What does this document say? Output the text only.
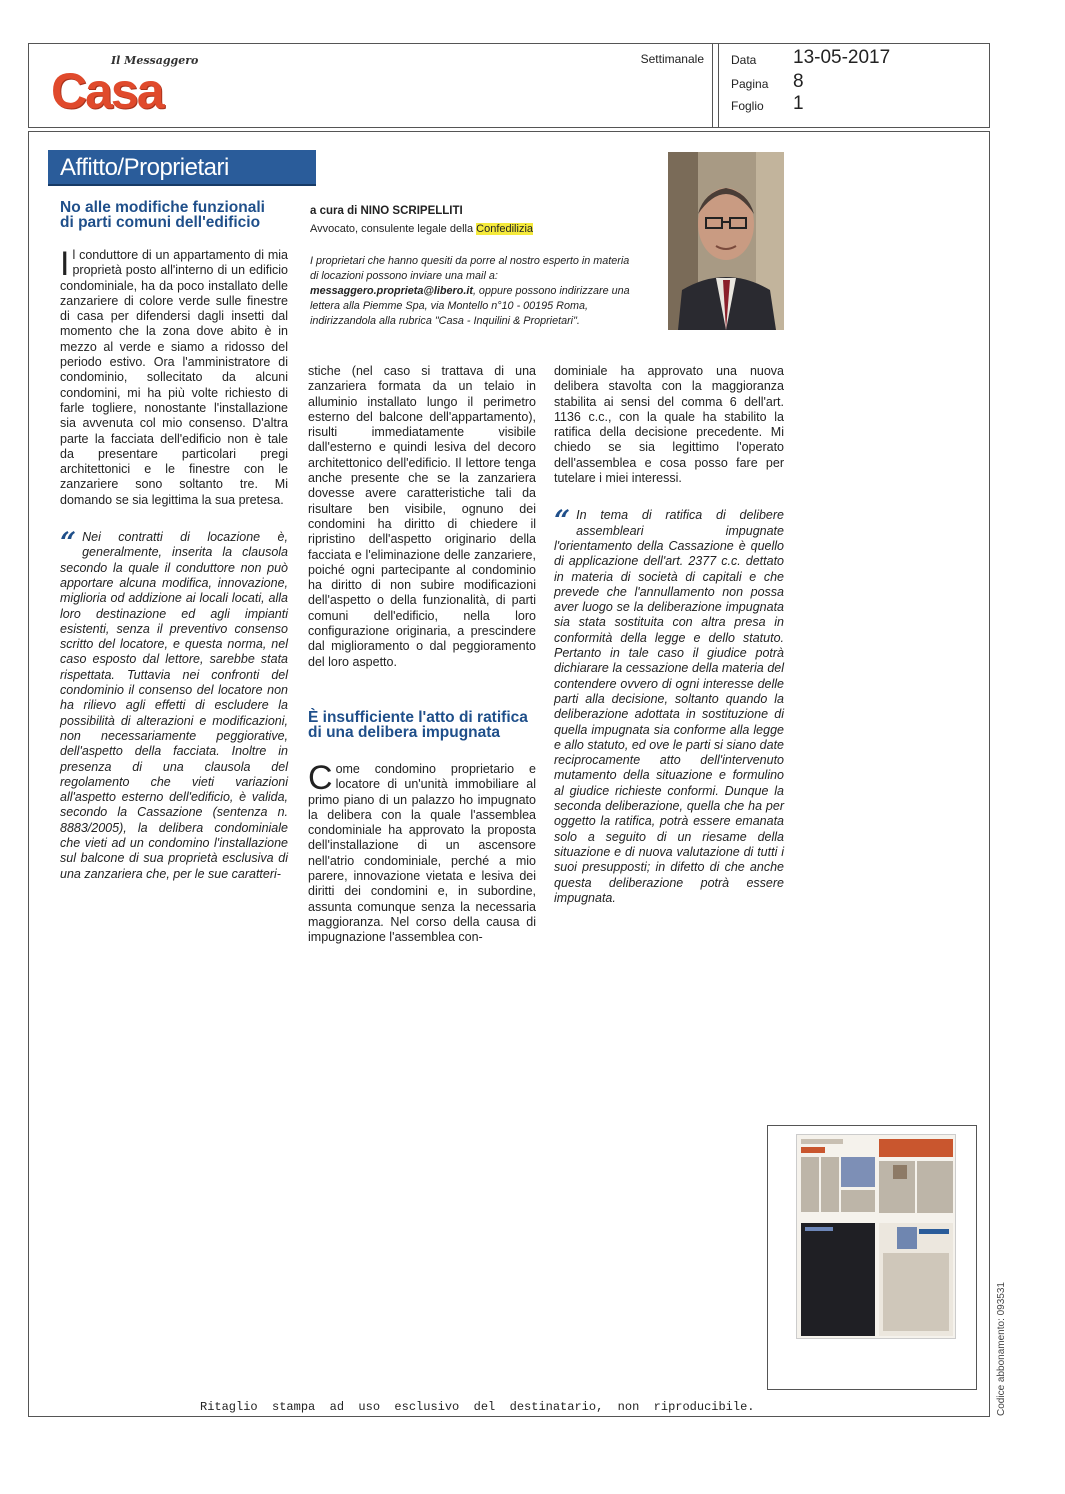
Il Messaggero
Casa
Settimanale Data 13-05-2017
Pagina 8
Foglio 1
Codice abbonamento: 093531
Affitto/Proprietari
No alle modifiche funzionali di parti comuni dell'edificio
a cura di NINO SCRIPELLITI
Avvocato, consulente legale della Confedilizia
I proprietari che hanno quesiti da porre al nostro esperto in materia di locazioni possono inviare una mail a: messaggero.proprieta@libero.it, oppure possono indirizzare una lettera alla Piemme Spa, via Montello n°10 - 00195 Roma, indirizzandola alla rubrica "Casa - Inquilini & Proprietari".

Il conduttore di un appartamento di mia proprietà posto all'interno di un edificio condominiale, ha da poco installato delle zanzariere di colore verde sulle finestre di casa per difendersi dagli insetti dal momento che la zona dove abito è in mezzo al verde e siamo a ridosso del periodo estivo. Ora l'amministratore di condominio, sollecitato da alcuni condomini, mi ha più volte richiesto di farle togliere, nonostante l'installazione sia avvenuta col mio consenso. D'altra parte la facciata dell'edificio non è tale da presentare particolari pregi architettonici e le finestre con le zanzariere sono soltanto tre. Mi domando se sia legittima la sua pretesa.

“ Nei contratti di locazione è, generalmente, inserita la clausola secondo la quale il conduttore non può apportare alcuna modifica, innovazione, miglioria od addizione ai locali locati, alla loro destinazione ed agli impianti esistenti, senza il preventivo consenso scritto del locatore, e questa norma, nel caso esposto dal lettore, sarebbe stata rispettata. Tuttavia nei confronti del condominio il consenso del locatore non ha rilievo agli effetti di escludere la possibilità di alterazioni e modificazioni, non necessariamente peggiorative, dell'aspetto della facciata. Inoltre in presenza di una clausola del regolamento che vieti variazioni all'aspetto esterno dell'edificio, è valida, secondo la Cassazione (sentenza n. 8883/2005), la delibera condominiale che vieti ad un condomino l'installazione sul balcone di sua proprietà esclusiva di una zanzariera che, per le sue caratteri-

stiche (nel caso si trattava di una zanzariera formata da un telaio in alluminio installato lungo il perimetro esterno del balcone dell'appartamento), risulti immediatamente visibile dall'esterno e quindi lesiva del decoro architettonico dell'edificio. Il lettore tenga anche presente che se la zanzariera dovesse avere caratteristiche tali da risultare ben visibile, ognuno dei condomini ha diritto di chiedere il ripristino dell'aspetto originario della facciata e l'eliminazione delle zanzariere, poiché ogni partecipante al condominio ha diritto di non subire modificazioni dell'aspetto o della funzionalità, di parti comuni dell'edificio, nella loro configurazione originaria, a prescindere dal miglioramento o dal peggioramento del loro aspetto.

È insufficiente l'atto di ratifica di una delibera impugnata

Come condomino proprietario e locatore di un'unità immobiliare al primo piano di un palazzo ho impugnato la delibera con la quale l'assemblea condominiale ha approvato la proposta dell'installazione di un ascensore nell'atrio condominiale, perché a mio parere, innovazione vietata e lesiva dei diritti dei condomini e, in subordine, assunta comunque senza la necessaria maggioranza. Nel corso della causa di impugnazione l'assemblea con-

dominiale ha approvato una nuova delibera stavolta con la maggioranza stabilita ai sensi del comma 6 dell'art. 1136 c.c., con la quale ha stabilito la ratifica della decisione precedente. Mi chiedo se sia legittimo l'operato dell'assemblea e cosa posso fare per tutelare i miei interessi.

“ In tema di ratifica di delibere assembleari impugnate l'orientamento della Cassazione è quello di applicazione dell'art. 2377 c.c. dettato in materia di società di capitali e che prevede che l'annullamento non possa aver luogo se la deliberazione impugnata sia stata sostituita con altra presa in conformità della legge e dello statuto. Pertanto in tale caso il giudice potrà dichiarare la cessazione della materia del contendere ovvero di ogni interesse delle parti alla decisione, soltanto quando la deliberazione adottata in sostituzione di quella impugnata sia conforme alla legge e allo statuto, ed ove le parti si siano date reciprocamente atto dell'intervenuto mutamento della situazione e formulino al giudice richieste conformi. Dunque la seconda deliberazione, quella che ha per oggetto la ratifica, potrà essere emanata solo a seguito di un riesame della situazione e di nuova valutazione di tutti i suoi presupposti; in difetto di che anche questa deliberazione potrà essere impugnata.

Ritaglio  stampa  ad  uso  esclusivo  del  destinatario,  non  riproducibile.
